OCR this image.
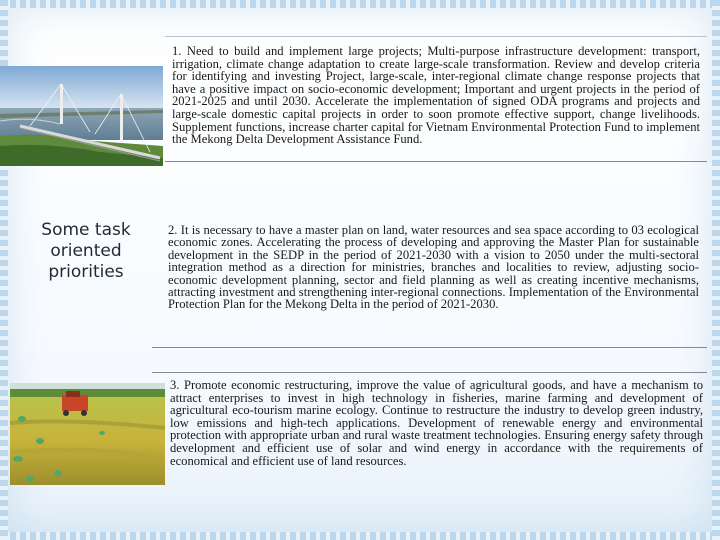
Some task oriented priorities

1. Need to build and implement large projects; Multi-purpose infrastructure development: transport, irrigation, climate change adaptation to create large-scale transformation. Review and develop criteria for identifying and investing Project, large-scale, inter-regional climate change response projects that have a positive impact on socio-economic development; Important and urgent projects in the period of 2021-2025 and until 2030. Accelerate the implementation of signed ODA programs and projects and large-scale domestic capital projects in order to soon promote effective support, change livelihoods. Supplement functions, increase charter capital for Vietnam Environmental Protection Fund to implement the Mekong Delta Development Assistance Fund.

2. It is necessary to have a master plan on land, water resources and sea space according to 03 ecological economic zones. Accelerating the process of developing and approving the Master Plan for sustainable development in the SEDP in the period of 2021-2030 with a vision to 2050 under the multi-sectoral integration method as a direction for ministries, branches and localities to review, adjusting socio-economic development planning, sector and field planning as well as creating incentive mechanisms, attracting investment and strengthening inter-regional connections. Implementation of the Environmental Protection Plan for the Mekong Delta in the period of 2021-2030.

3. Promote economic restructuring, improve the value of agricultural goods, and have a mechanism to attract enterprises to invest in high technology in fisheries, marine farming and development of agricultural eco-tourism marine ecology. Continue to restructure the industry to develop green industry, low emissions and high-tech applications. Development of renewable energy and environmental protection with appropriate urban and rural waste treatment technologies. Ensuring energy safety through development and efficient use of solar and wind energy in accordance with the requirements of economical and efficient use of land resources.
